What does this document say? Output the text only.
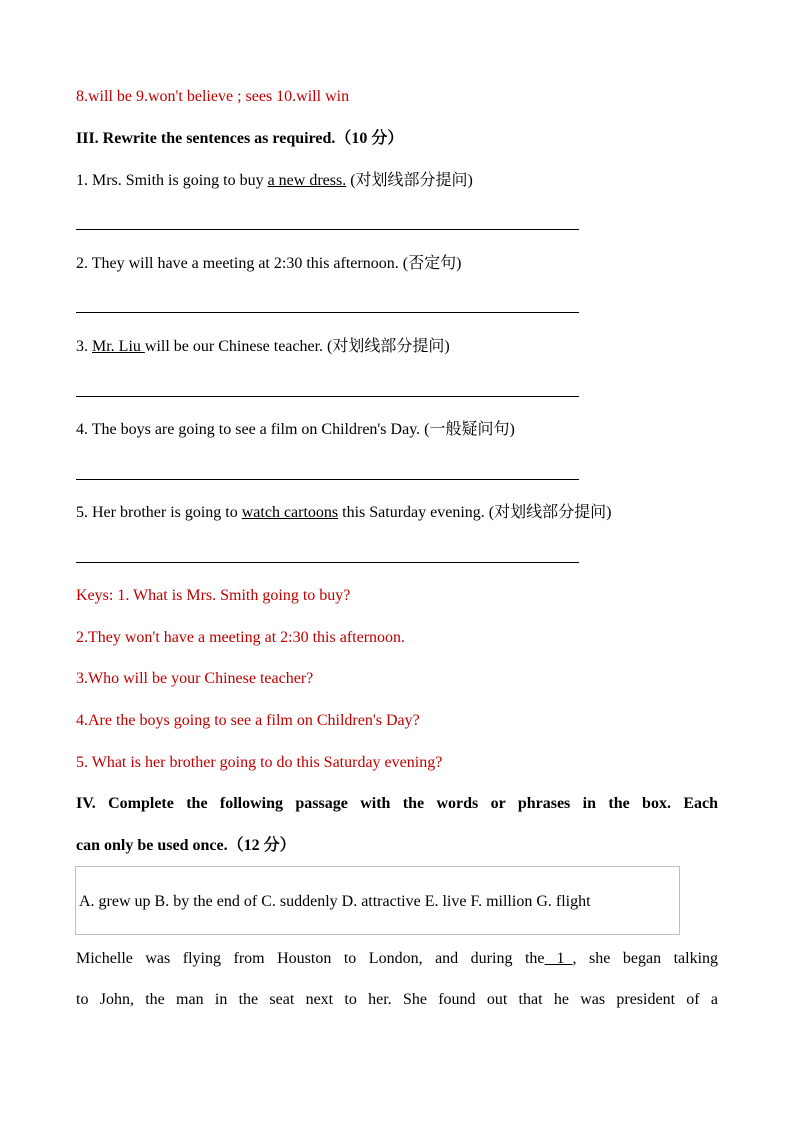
8.will be 9.won't believe ; sees 10.will win
III. Rewrite the sentences as required.（10 分）
1. Mrs. Smith is going to buy a new dress. (对划线部分提问)
2. They will have a meeting at 2:30 this afternoon. (否定句)
3. Mr. Liu will be our Chinese teacher. (对划线部分提问)
4. The boys are going to see a film on Children's Day. (一般疑问句)
5. Her brother is going to watch cartoons this Saturday evening. (对划线部分提问)
Keys: 1. What is Mrs. Smith going to buy?
2.They won't have a meeting at 2:30 this afternoon.
3.Who will be your Chinese teacher?
4.Are the boys going to see a film on Children's Day?
5. What is her brother going to do this Saturday evening?
IV. Complete the following passage with the words or phrases in the box. Each
can only be used once.（12 分）
A. grew up B. by the end of C. suddenly D. attractive E. live F. million G. flight
Michelle was flying from Houston to London, and during the   1  , she began talking
to John, the man in the seat next to her. She found out that he was president of a
